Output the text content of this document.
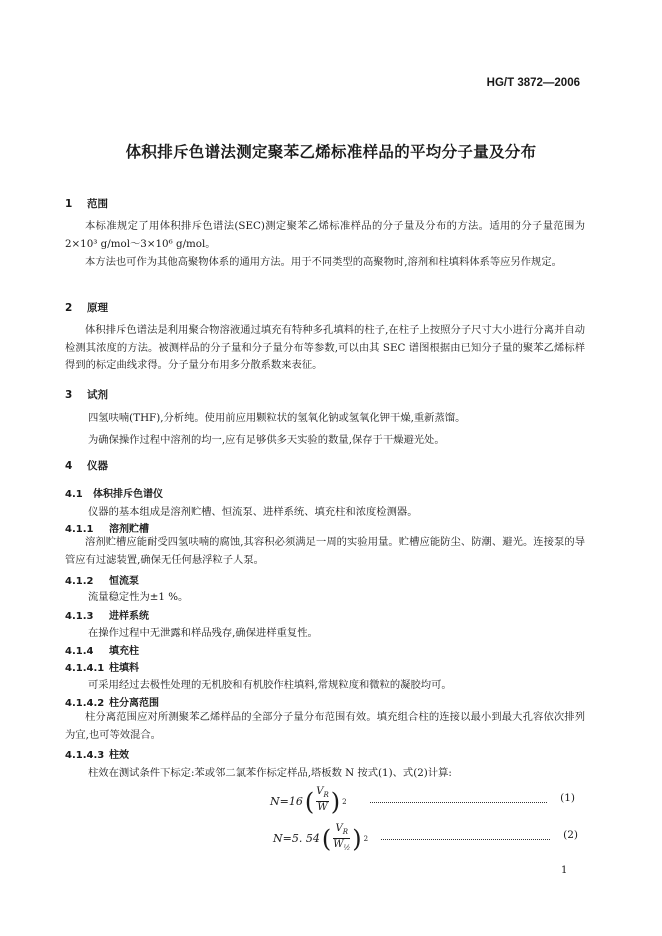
HG/T 3872—2006
体积排斥色谱法测定聚苯乙烯标准样品的平均分子量及分布
1 范围

本标准规定了用体积排斥色谱法(SEC)测定聚苯乙烯标准样品的分子量及分布的方法。适用的分子量范围为 2×10³ g/mol～3×10⁶ g/mol。

本方法也可作为其他高聚物体系的通用方法。用于不同类型的高聚物时,溶剂和柱填料体系等应另作规定。

2 原理

体积排斥色谱法是利用聚合物溶液通过填充有特种多孔填料的柱子,在柱子上按照分子尺寸大小进行分离并自动检测其浓度的方法。被测样品的分子量和分子量分布等参数,可以由其 SEC 谱图根据由已知分子量的聚苯乙烯标样得到的标定曲线求得。分子量分布用多分散系数来表征。

3 试剂
四氢呋喃(THF),分析纯。使用前应用颗粒状的氢氧化钠或氢氧化钾干燥,重新蒸馏。
为确保操作过程中溶剂的均一,应有足够供多天实验的数量,保存于干燥避光处。
4 仪器
4.1 体积排斥色谱仪
仪器的基本组成是溶剂贮槽、恒流泵、进样系统、填充柱和浓度检测器。
4.1.1 溶剂贮槽

溶剂贮槽应能耐受四氢呋喃的腐蚀,其容积必须满足一周的实验用量。贮槽应能防尘、防潮、避光。连接泵的导管应有过滤装置,确保无任何悬浮粒子人泵。

4.1.2 恒流泵
流量稳定性为±1 %。
4.1.3 进样系统
在操作过程中无泄露和样品残存,确保进样重复性。
4.1.4 填充柱
4.1.4.1 柱填料
可采用经过去极性处理的无机胶和有机胶作柱填料,常规粒度和微粒的凝胶均可。
4.1.4.2 柱分离范围

柱分离范围应对所测聚苯乙烯样品的全部分子量分布范围有效。填充组合柱的连接以最小到最大孔容依次排列为宜,也可等效混合。

4.1.4.3 柱效
柱效在测试条件下标定:苯或邻二氯苯作标定样品,塔板数 N 按式(1)、式(2)计算:
N=16 ( $\frac{V_R}{W}$ ) 2	(1)
N=5. 54 ( $\frac{V_R}{W_{\frac{1}{2}}}$ ) 2	(2)
1
